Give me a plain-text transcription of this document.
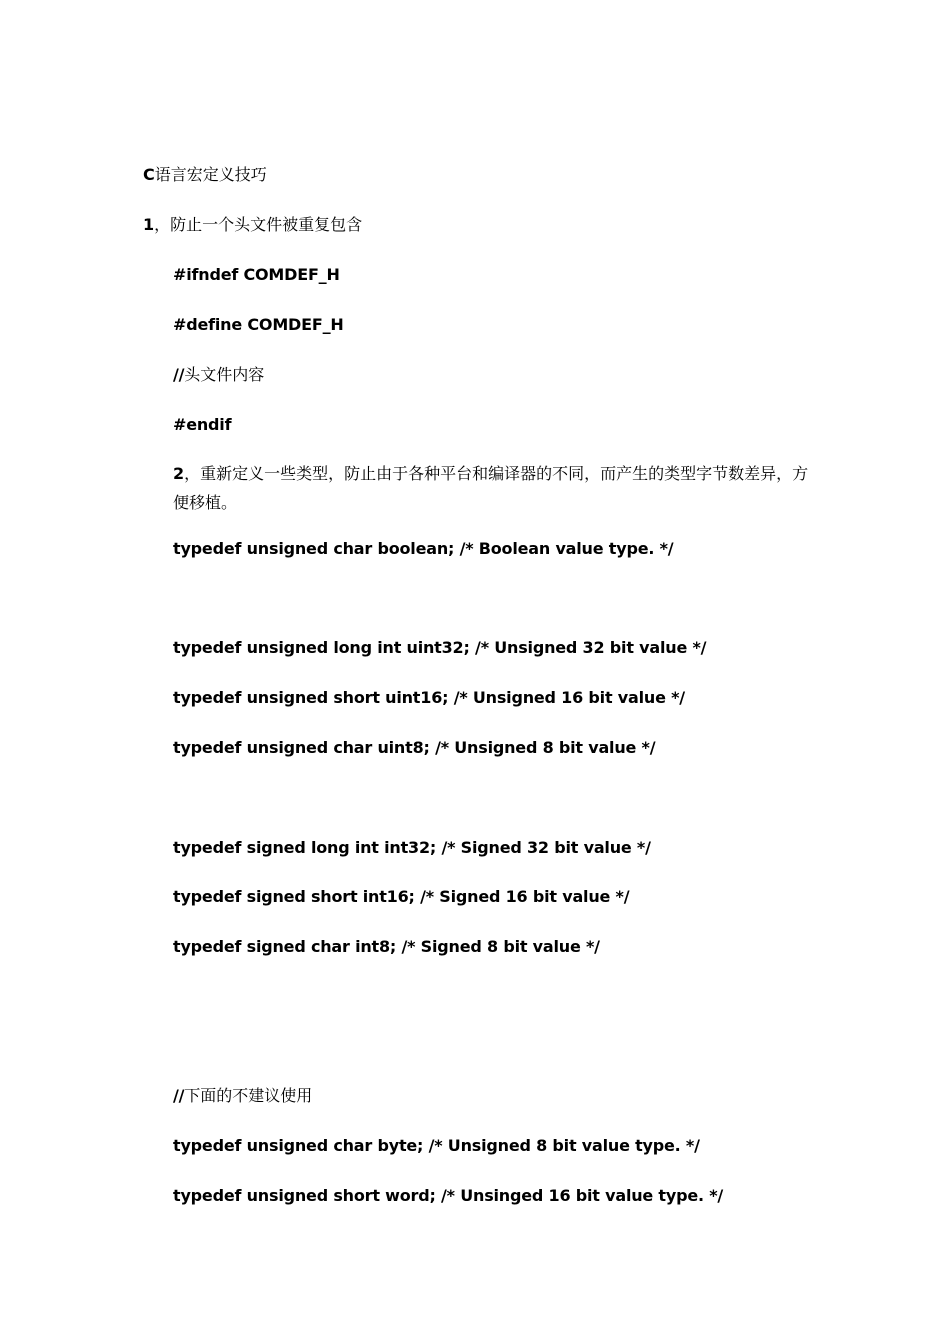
C语言宏定义技巧
1，防止一个头文件被重复包含
#ifndef COMDEF_H
#define COMDEF_H
//头文件内容
#endif
2，重新定义一些类型，防止由于各种平台和编译器的不同，而产生的类型字节数差异，方便移植。
typedef unsigned char boolean; /* Boolean value type. */
typedef unsigned long int uint32; /* Unsigned 32 bit value */
typedef unsigned short uint16; /* Unsigned 16 bit value */
typedef unsigned char uint8; /* Unsigned 8 bit value */
typedef signed long int int32; /* Signed 32 bit value */
typedef signed short int16; /* Signed 16 bit value */
typedef signed char int8; /* Signed 8 bit value */
//下面的不建议使用
typedef unsigned char byte; /* Unsigned 8 bit value type. */
typedef unsigned short word; /* Unsinged 16 bit value type. */
